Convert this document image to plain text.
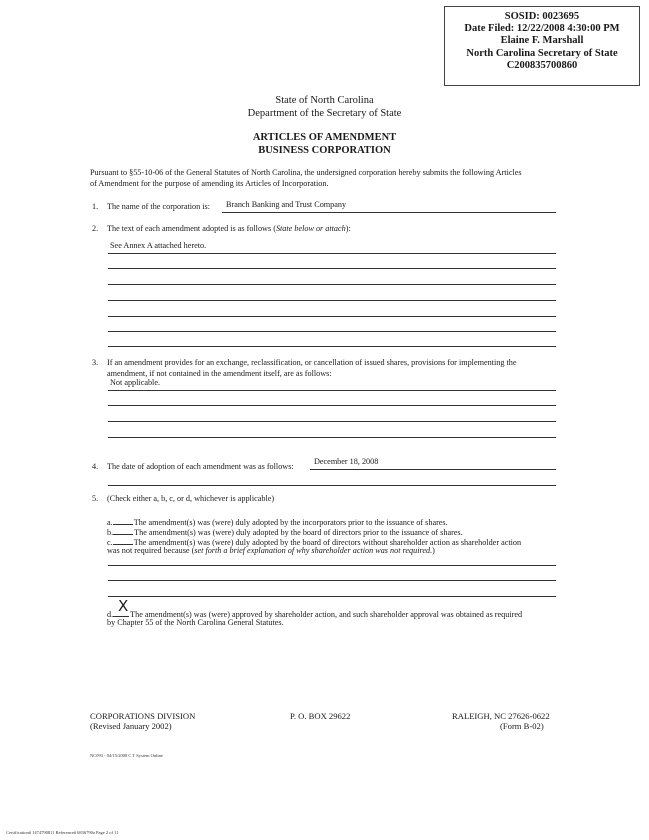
SOSID: 0023695
Date Filed: 12/22/2008 4:30:00 PM
Elaine F. Marshall
North Carolina Secretary of State
C200835700860
State of North Carolina
Department of the Secretary of State
ARTICLES OF AMENDMENT
BUSINESS CORPORATION
Pursuant to §55-10-06 of the General Statutes of North Carolina, the undersigned corporation hereby submits the following Articles
of Amendment for the purpose of amending its Articles of Incorporation.
1. The name of the corporation is: Branch Banking and Trust Company
2. The text of each amendment adopted is as follows (State below or attach):
See Annex A attached hereto.
3. If an amendment provides for an exchange, reclassification, or cancellation of issued shares, provisions for implementing the
amendment, if not contained in the amendment itself, are as follows:
Not applicable.
4. The date of adoption of each amendment was as follows:
December 18, 2008
5. (Check either a, b, c, or d, whichever is applicable)
a.	The amendment(s) was (were) duly adopted by the incorporators prior to the issuance of shares.
b.	The amendment(s) was (were) duly adopted by the board of directors prior to the issuance of shares.
c.	The amendment(s) was (were) duly adopted by the board of directors without shareholder action as shareholder action
was not required because (set forth a brief explanation of why shareholder action was not required.)
d. The amendment(s) was (were) approved by shareholder action, and such shareholder approval was obtained as required
X
by Chapter 55 of the North Carolina General Statutes.
CORPORATIONS DIVISION
(Revised January 2002)
P. O. BOX 29622	RALEIGH, NC 27626-0622
(Form B-02)
NC093 - 04/15/2008 C T System Online
Certification# 1474790811 Reference# 6836790a Page 2 of 11
